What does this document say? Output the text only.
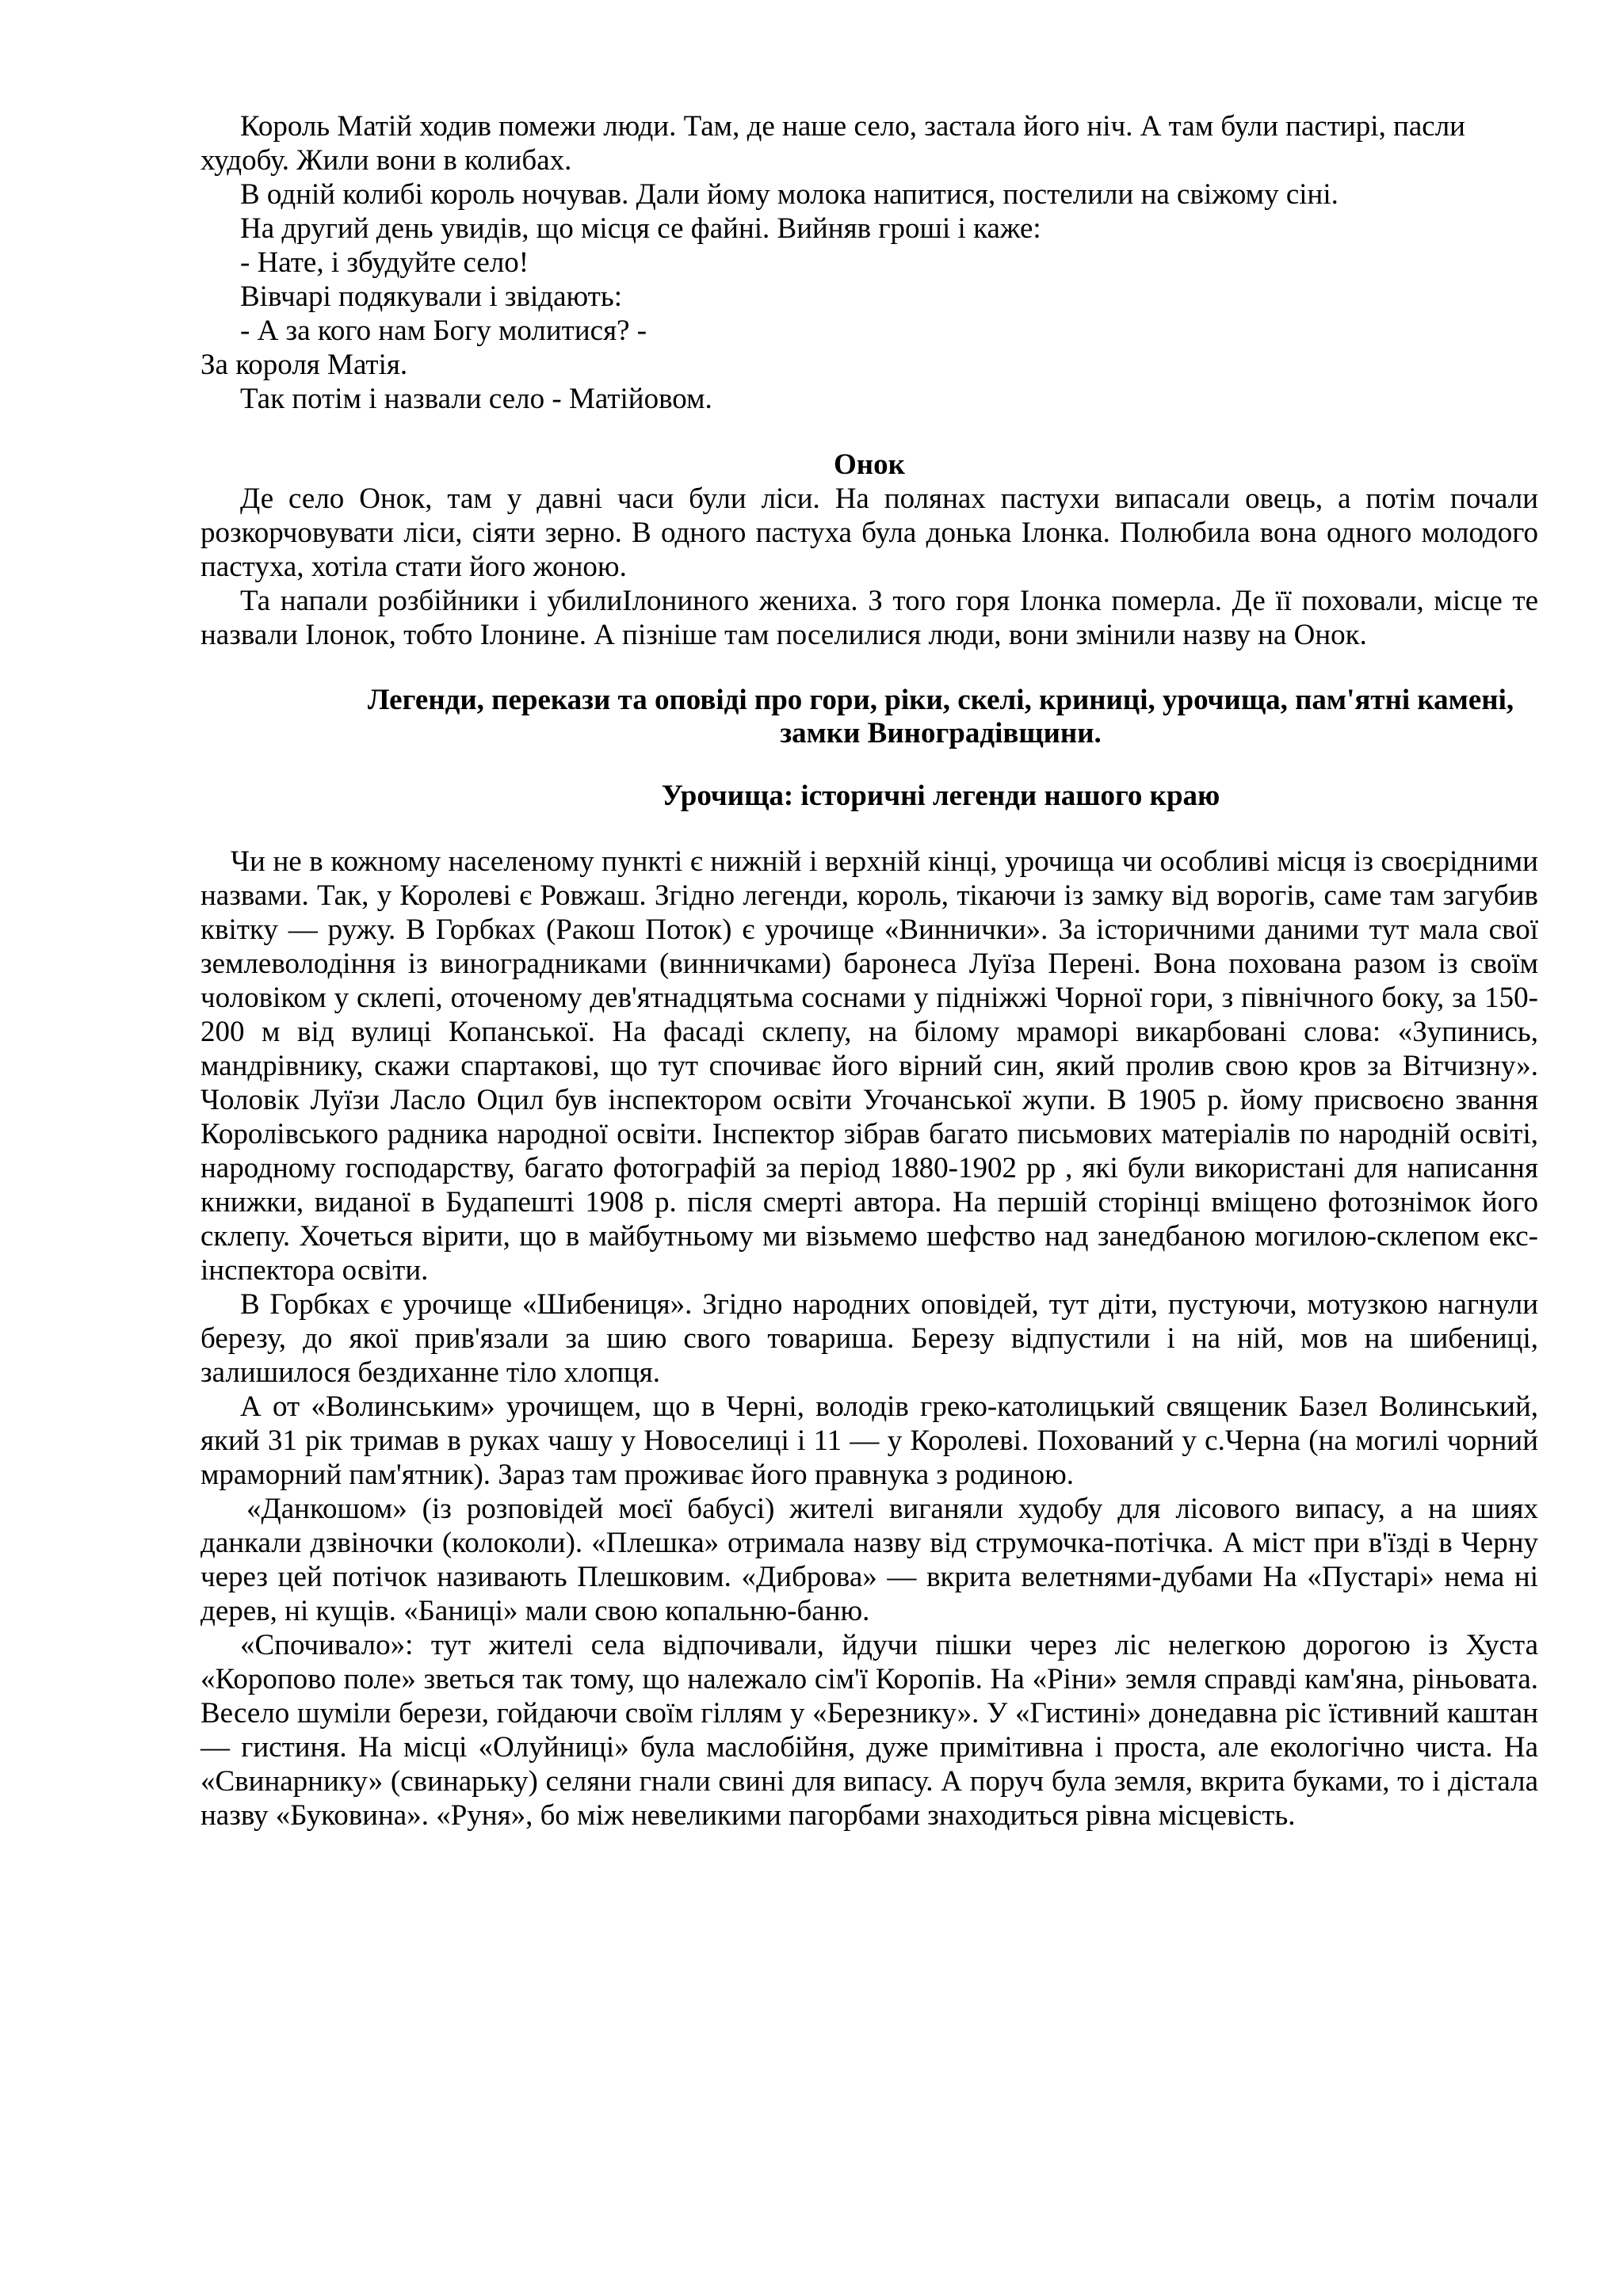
Король Матій ходив помежи люди. Там, де наше село, застала його ніч. А там були пастирі, пасли худобу. Жили вони в колибах.

В одній колибі король ночував. Дали йому молока напитися, постелили на свіжому сіні.

На другий день увидів, що місця се файні. Вийняв гроші і каже:

- Нате, і збудуйте село!

Вівчарі подякували і звідають:

- А за кого нам Богу молитися? -

За короля Матія.

Так потім і назвали село - Матійовом.

Онок

Де село Онок, там у давні часи були ліси. На полянах пастухи випасали овець, а потім почали розкорчовувати ліси, сіяти зерно. В одного пастуха була донька Ілонка. Полюбила вона одного молодого пастуха, хотіла стати його жоною.

Та напали розбійники і убилиІлониного жениха. З того горя Ілонка померла. Де її поховали, місце те назвали Ілонок, тобто Ілонине. А пізніше там поселилися люди, вони змінили назву на Онок.

Легенди, перекази та оповіді про гори, ріки, скелі, криниці, урочища, пам'ятні камені, замки Виноградівщини.
Урочища: історичні легенди нашого краю

Чи не в кожному населеному пункті є нижній і верхній кінці, урочища чи особливі місця із своєрідними назвами. Так, у Королеві є Ровжаш. Згідно легенди, король, тікаючи із замку від ворогів, саме там загубив квітку — ружу. В Горбках (Ракош Поток) є урочище «Виннички». За історичними даними тут мала свої землеволодіння із виноградниками (винничками) баронеса Луїза Перені. Вона похована разом із своїм чоловіком у склепі, оточеному дев'ятнадцятьма соснами у підніжжі Чорної гори, з північного боку, за 150-200 м від вулиці Копанської. На фасаді склепу, на білому мраморі викарбовані слова: «Зупинись, мандрівнику, скажи спартакові, що тут спочиває його вірний син, який пролив свою кров за Вітчизну». Чоловік Луїзи Ласло Оцил був інспектором освіти Угочанської жупи. В 1905 р. йому присвоєно звання Королівського радника народної освіти. Інспектор зібрав багато письмових матеріалів по народній освіті, народному господарству, багато фотографій за період 1880-1902 рр , які були використані для написання книжки, виданої в Будапешті 1908 р. після смерті автора. На першій сторінці вміщено фотознімок його склепу. Хочеться вірити, що в майбутньому ми візьмемо шефство над занедбаною могилою-склепом екс- інспектора освіти.

В Горбках є урочище «Шибениця». Згідно народних оповідей, тут діти, пустуючи, мотузкою нагнули березу, до якої прив'язали за шию свого товариша. Березу відпустили і на ній, мов на шибениці, залишилося бездиханне тіло хлопця.

А от «Волинським» урочищем, що в Черні, володів греко-католицький священик Базел Волинський, який 31 рік тримав в руках чашу у Новоселиці і 11 — у Королеві. Похований у с.Черна (на могилі чорний мраморний пам'ятник). Зараз там проживає його правнука з родиною.

«Данкошом» (із розповідей моєї бабусі) жителі виганяли худобу для лісового випасу, а на шиях данкали дзвіночки (колоколи). «Плешка» отримала назву від струмочка-потічка. А міст при в'їзді в Черну через цей потічок називають Плешковим. «Диброва» — вкрита велетнями-дубами На «Пустарі» нема ні дерев, ні кущів. «Баниці» мали свою копальню-баню.

«Спочивало»: тут жителі села відпочивали, йдучи пішки через ліс нелегкою дорогою із Хуста «Коропово поле» зветься так тому, що належало сім'ї Коропів. На «Ріни» земля справді кам'яна, ріньовата. Весело шуміли берези, гойдаючи своїм гіллям у «Березнику». У «Гистині» донедавна ріс їстивний каштан — гистиня. На місці «Олуйниці» була маслобійня, дуже примітивна і проста, але екологічно чиста. На «Свинарнику» (свинарьку) селяни гнали свині для випасу. А поруч була земля, вкрита буками, то і дістала назву «Буковина». «Руня», бо між невеликими пагорбами знаходиться рівна місцевість.
